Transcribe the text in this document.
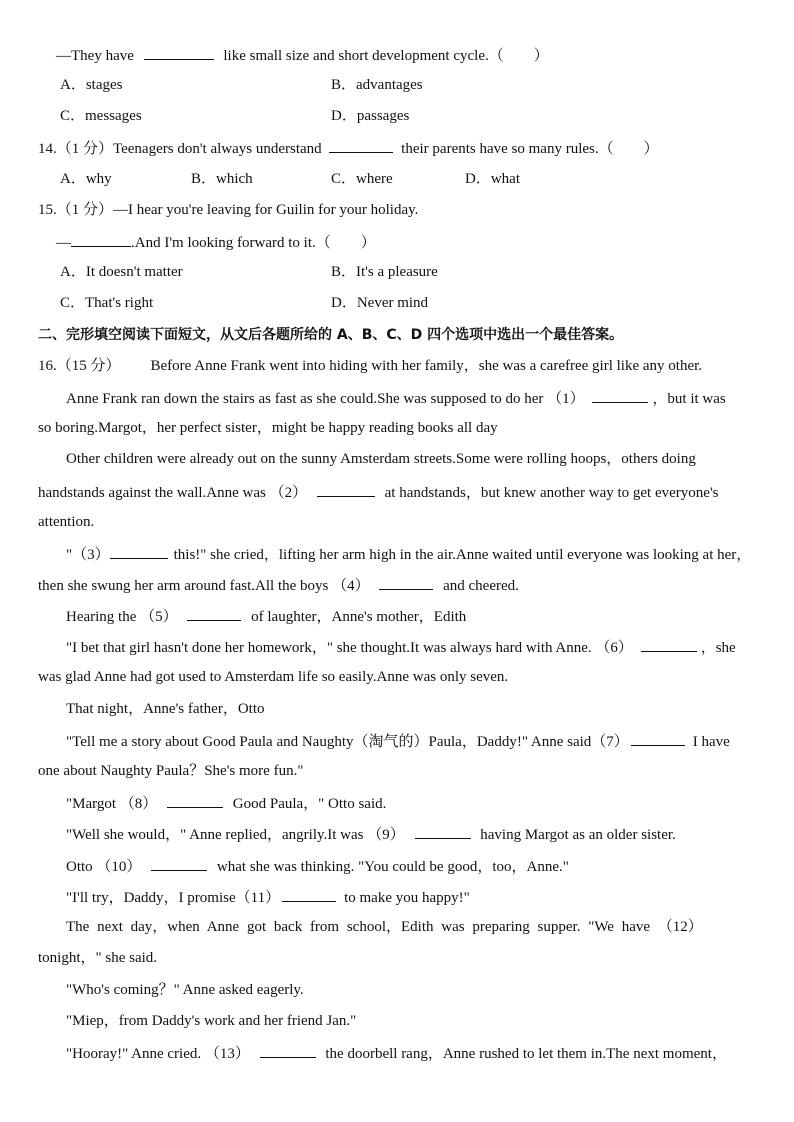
—They have	like small size and short development cycle.（　　）
A．stages	B．advantages
C．messages	D．passages
14.（1 分）Teenagers don't always understand	their parents have so many rules.（　　）
A．why	B．which	C．where	D．what
15.（1 分）—I hear you're leaving for Guilin for your holiday.
—	.And I'm looking forward to it.（　　）
A．It doesn't matter	B．It's a pleasure
C．That's right	D．Never mind
二、完形填空阅读下面短文，从文后各题所给的 A、B、C、D 四个选项中选出一个最佳答案。
16.（15 分） Before Anne Frank went into hiding with her family，she was a carefree girl like any other.
Anne Frank ran down the stairs as fast as she could.She was supposed to do her （1）	，but it was
so boring.Margot，her perfect sister，might be happy reading books all day
Other children were already out on the sunny Amsterdam streets.Some were rolling hoops，others doing
handstands against the wall.Anne was （2）	at handstands，but knew another way to get everyone's
attention.
"（3）	this!" she cried，lifting her arm high in the air.Anne waited until everyone was looking at her，
then she swung her arm around fast.All the boys （4）	and cheered.
Hearing the （5）	of laughter，Anne's mother，Edith
"I bet that girl hasn't done her homework，" she thought.It was always hard with Anne. （6）	，she
was glad Anne had got used to Amsterdam life so easily.Anne was only seven.
That night，Anne's father，Otto
"Tell me a story about Good Paula and Naughty（淘气的）Paula，Daddy!" Anne said（7）	I have
one about Naughty Paula？She's more fun."
"Margot （8）	Good Paula，" Otto said.
"Well she would，" Anne replied，angrily.It was （9）	having Margot as an older sister.
Otto （10）	what she was thinking. "You could be good，too，Anne."
"I'll try，Daddy，I promise（11）	to make you happy!"
The next day，when Anne got back from school，Edith was preparing supper. "We have （12）
tonight，" she said.
"Who's coming？" Anne asked eagerly.
"Miep，from Daddy's work and her friend Jan."
"Hooray!" Anne cried. （13）	the doorbell rang，Anne rushed to let them in.The next moment，
